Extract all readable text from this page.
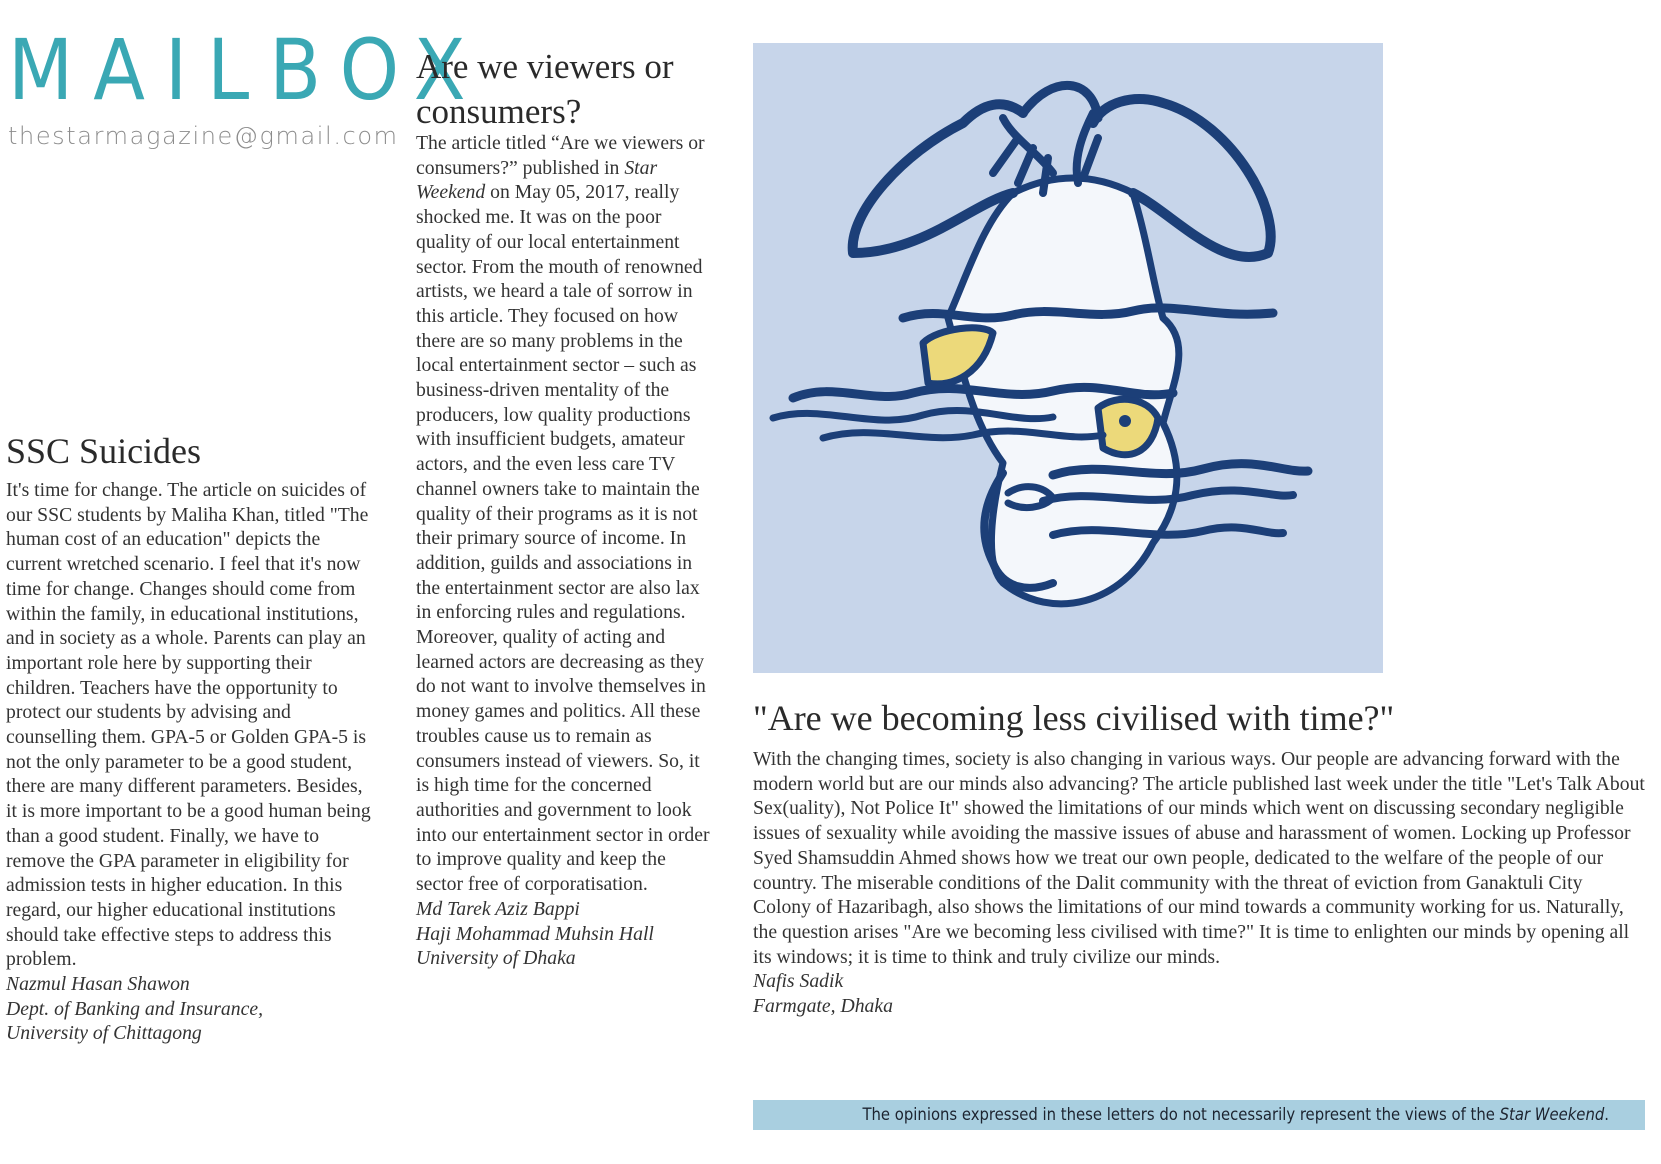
MAILBOX
thestarmagazine@gmail.com
SSC Suicides

It's time for change. The article on suicides of our SSC students by Maliha Khan, titled "The human cost of an education" depicts the current wretched scenario. I feel that it's now time for change. Changes should come from within the family, in educational institutions, and in society as a whole. Parents can play an important role here by supporting their children. Teachers have the opportunity to protect our students by advising and counselling them. GPA-5 or Golden GPA-5 is not the only parameter to be a good student, there are many different parameters. Besides, it is more important to be a good human being than a good student. Finally, we have to remove the GPA parameter in eligibility for admission tests in higher education. In this regard, our higher educational institutions should take effective steps to address this problem.

Nazmul Hasan Shawon
Dept. of Banking and Insurance,
University of Chittagong
Are we viewers or consumers?

The article titled “Are we viewers or consumers?” published in Star Weekend on May 05, 2017, really shocked me. It was on the poor quality of our local entertainment sector. From the mouth of renowned artists, we heard a tale of sorrow in this article. They focused on how there are so many problems in the local entertainment sector – such as business-driven mentality of the producers, low quality productions with insufficient budgets, amateur actors, and the even less care TV channel owners take to maintain the quality of their programs as it is not their primary source of income. In addition, guilds and associations in the entertainment sector are also lax in enforcing rules and regulations. Moreover, quality of acting and learned actors are decreasing as they do not want to involve themselves in money games and politics. All these troubles cause us to remain as consumers instead of viewers. So, it is high time for the concerned authorities and government to look into our entertainment sector in order to improve quality and keep the sector free of corporatisation.

Md Tarek Aziz Bappi
Haji Mohammad Muhsin Hall
University of Dhaka
"Are we becoming less civilised with time?"

With the changing times, society is also changing in various ways. Our people are advancing forward with the modern world but are our minds also advancing? The article published last week under the title "Let's Talk About Sex(uality), Not Police It" showed the limitations of our minds which went on discussing secondary negligible issues of sexuality while avoiding the massive issues of abuse and harassment of women. Locking up Professor Syed Shamsuddin Ahmed shows how we treat our own people, dedicated to the welfare of the people of our country. The miserable conditions of the Dalit community with the threat of eviction from Ganaktuli City Colony of Hazaribagh, also shows the limitations of our mind towards a community working for us. Naturally, the question arises "Are we becoming less civilised with time?" It is time to enlighten our minds by opening all its windows; it is time to think and truly civilize our minds.

Nafis Sadik
Farmgate, Dhaka
The opinions expressed in these letters do not necessarily represent the views of the Star Weekend.
